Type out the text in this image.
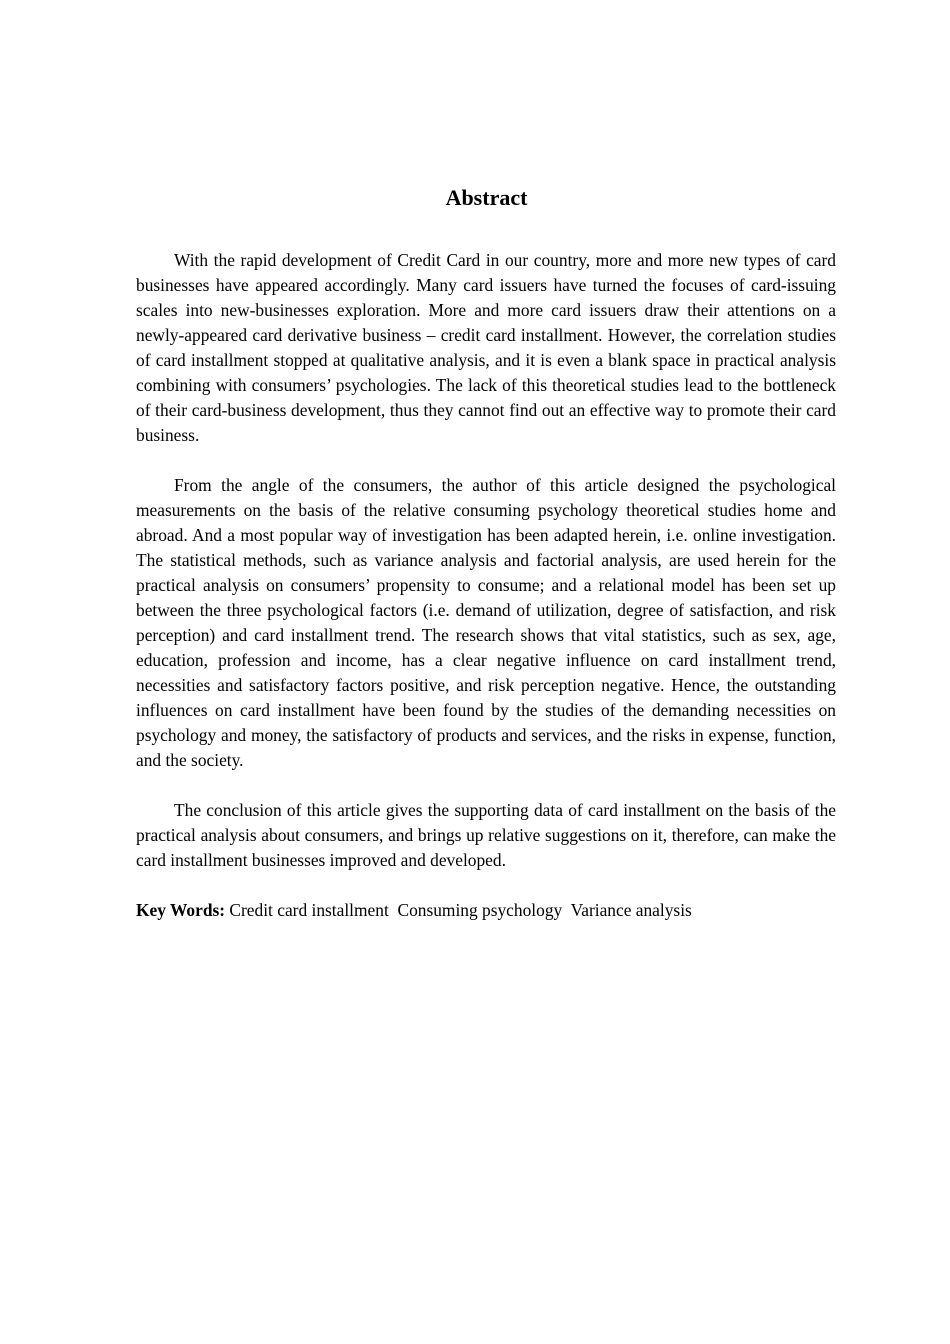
Abstract

With the rapid development of Credit Card in our country, more and more new types of card businesses have appeared accordingly. Many card issuers have turned the focuses of card-issuing scales into new-businesses exploration. More and more card issuers draw their attentions on a newly-appeared card derivative business – credit card installment. However, the correlation studies of card installment stopped at qualitative analysis, and it is even a blank space in practical analysis combining with consumers’ psychologies. The lack of this theoretical studies lead to the bottleneck of their card-business development, thus they cannot find out an effective way to promote their card business.

From the angle of the consumers, the author of this article designed the psychological measurements on the basis of the relative consuming psychology theoretical studies home and abroad. And a most popular way of investigation has been adapted herein, i.e. online investigation. The statistical methods, such as variance analysis and factorial analysis, are used herein for the practical analysis on consumers’ propensity to consume; and a relational model has been set up between the three psychological factors (i.e. demand of utilization, degree of satisfaction, and risk perception) and card installment trend. The research shows that vital statistics, such as sex, age, education, profession and income, has a clear negative influence on card installment trend, necessities and satisfactory factors positive, and risk perception negative. Hence, the outstanding influences on card installment have been found by the studies of the demanding necessities on psychology and money, the satisfactory of products and services, and the risks in expense, function, and the society.

The conclusion of this article gives the supporting data of card installment on the basis of the practical analysis about consumers, and brings up relative suggestions on it, therefore, can make the card installment businesses improved and developed.

Key Words: Credit card installment  Consuming psychology  Variance analysis
